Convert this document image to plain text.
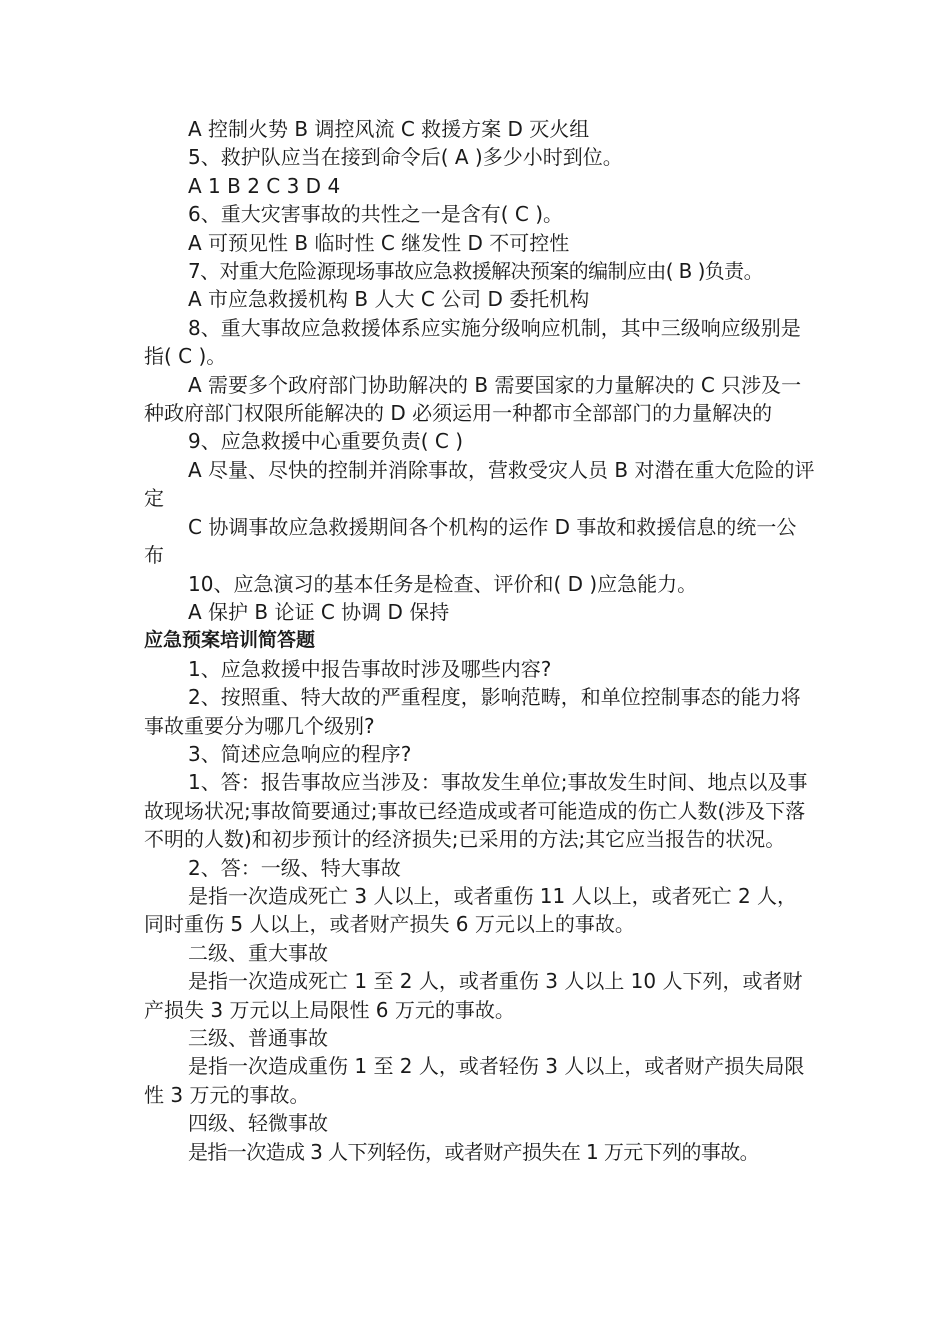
A 控制火势 B 调控风流 C 救援方案 D 灭火组

5、救护队应当在接到命令后( A )多少小时到位。

A 1 B 2 C 3 D 4

6、重大灾害事故的共性之一是含有( C )。

A 可预见性 B 临时性 C 继发性 D 不可控性

7、对重大危险源现场事故应急救援解决预案的编制应由( B )负责。

A 市应急救援机构 B 人大 C 公司 D 委托机构

8、重大事故应急救援体系应实施分级响应机制，其中三级响应级别是指( C )。

A 需要多个政府部门协助解决的 B 需要国家的力量解决的 C 只涉及一种政府部门权限所能解决的 D 必须运用一种都市全部部门的力量解决的

9、应急救援中心重要负责( C )

A 尽量、尽快的控制并消除事故，营救受灾人员 B 对潜在重大危险的评定

C 协调事故应急救援期间各个机构的运作 D 事故和救援信息的统一公布

10、应急演习的基本任务是检查、评价和( D )应急能力。

A 保护 B 论证 C 协调 D 保持

应急预案培训简答题

1、应急救援中报告事故时涉及哪些内容?

2、按照重、特大故的严重程度，影响范畴，和单位控制事态的能力将事故重要分为哪几个级别?

3、简述应急响应的程序?

1、答：报告事故应当涉及：事故发生单位;事故发生时间、地点以及事故现场状况;事故简要通过;事故已经造成或者可能造成的伤亡人数(涉及下落不明的人数)和初步预计的经济损失;已采用的方法;其它应当报告的状况。

2、答：一级、特大事故

是指一次造成死亡 3 人以上，或者重伤 11 人以上，或者死亡 2 人，同时重伤 5 人以上，或者财产损失 6 万元以上的事故。

二级、重大事故

是指一次造成死亡 1 至 2 人，或者重伤 3 人以上 10 人下列，或者财产损失 3 万元以上局限性 6 万元的事故。

三级、普通事故

是指一次造成重伤 1 至 2 人，或者轻伤 3 人以上，或者财产损失局限性 3 万元的事故。

四级、轻微事故

是指一次造成 3 人下列轻伤，或者财产损失在 1 万元下列的事故。
